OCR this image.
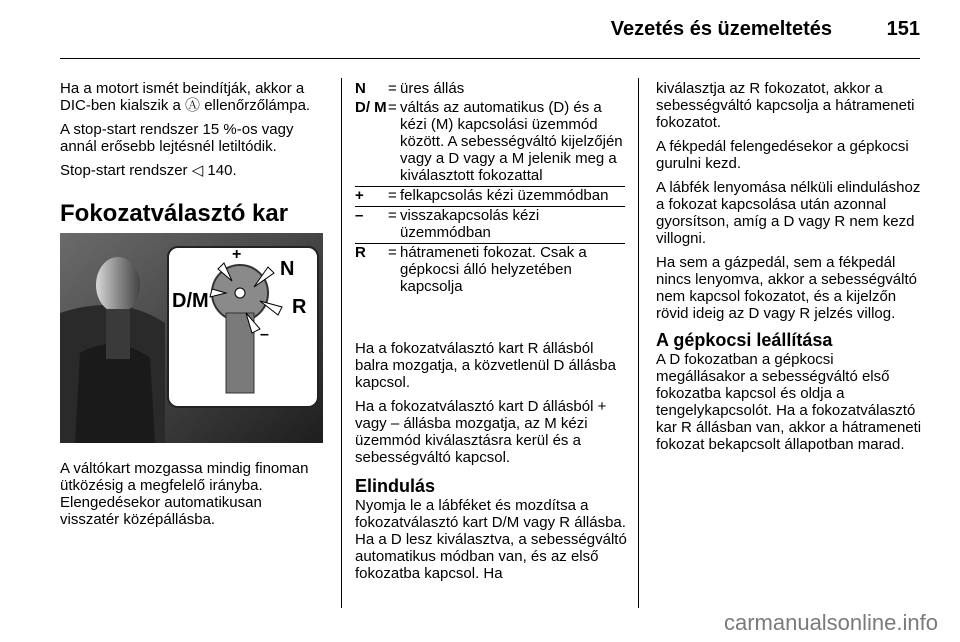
Vezetés és üzemeltetés	151

Ha a motort ismét beindítják, akkor a DIC-ben kialszik a Ⓐ ellenőrzőlámpa.

A stop-start rendszer 15 %-os vagy annál erősebb lejtésnél letiltódik.

Stop-start rendszer ◁ 140.

Fokozatválasztó kar
+
N
D/M	R
–

A váltókart mozgassa mindig finoman ütközésig a megfelelő irányba. Elengedésekor automatikusan visszatér középállásba.

N	= üres állás
D/ M = váltás az automatikus (D) és a kézi (M) kapcsolási üzemmód között. A sebességváltó kijelzőjén vagy a D vagy a M jelenik meg a kiválasztott fokozattal
+	= felkapcsolás kézi üzemmódban
–	= visszakapcsolás kézi üzemmódban
R	= hátrameneti fokozat. Csak a gépkocsi álló helyzetében kapcsolja

Ha a fokozatválasztó kart R állásból balra mozgatja, a közvetlenül D állásba kapcsol.

Ha a fokozatválasztó kart D állásból + vagy – állásba mozgatja, az M kézi üzemmód kiválasztásra kerül és a sebességváltó kapcsol.

Elindulás

Nyomja le a lábféket és mozdítsa a fokozatválasztó kart D/M vagy R állásba. Ha a D lesz kiválasztva, a sebességváltó automatikus módban van, és az első fokozatba kapcsol. Ha

kiválasztja az R fokozatot, akkor a sebességváltó kapcsolja a hátrameneti fokozatot.

A fékpedál felengedésekor a gépkocsi gurulni kezd.

A lábfék lenyomása nélküli elinduláshoz a fokozat kapcsolása után azonnal gyorsítson, amíg a D vagy R nem kezd villogni.

Ha sem a gázpedál, sem a fékpedál nincs lenyomva, akkor a sebességváltó nem kapcsol fokozatot, és a kijelzőn rövid ideig az D vagy R jelzés villog.

A gépkocsi leállítása

A D fokozatban a gépkocsi megállásakor a sebességváltó első fokozatba kapcsol és oldja a tengelykapcsolót. Ha a fokozatválasztó kar R állásban van, akkor a hátrameneti fokozat bekapcsolt állapotban marad.

carmanualsonline.info
